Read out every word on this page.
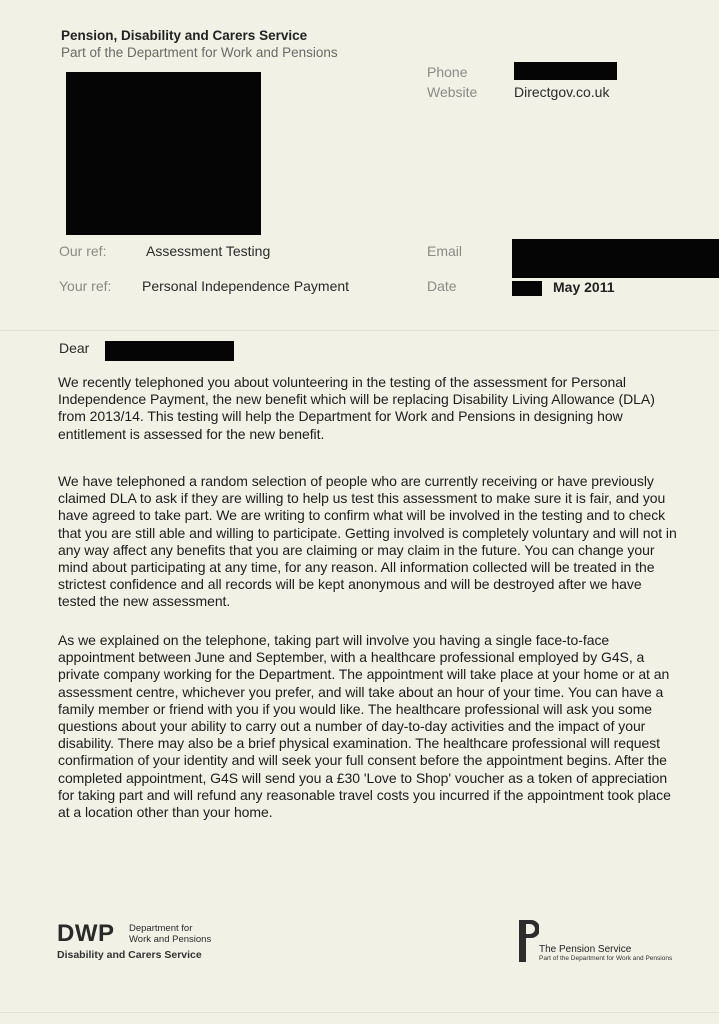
Pension, Disability and Carers Service
Part of the Department for Work and Pensions
Phone
Website	Directgov.co.uk
Our ref:	Assessment Testing	Email
Your ref: Personal Independence Payment	Date	May 2011
Dear

We recently telephoned you about volunteering in the testing of the assessment for Personal Independence Payment, the new benefit which will be replacing Disability Living Allowance (DLA) from 2013/14. This testing will help the Department for Work and Pensions in designing how entitlement is assessed for the new benefit.

We have telephoned a random selection of people who are currently receiving or have previously claimed DLA to ask if they are willing to help us test this assessment to make sure it is fair, and you have agreed to take part. We are writing to confirm what will be involved in the testing and to check that you are still able and willing to participate. Getting involved is completely voluntary and will not in any way affect any benefits that you are claiming or may claim in the future. You can change your mind about participating at any time, for any reason. All information collected will be treated in the strictest confidence and all records will be kept anonymous and will be destroyed after we have tested the new assessment.

As we explained on the telephone, taking part will involve you having a single face-to-face appointment between June and September, with a healthcare professional employed by G4S, a private company working for the Department. The appointment will take place at your home or at an assessment centre, whichever you prefer, and will take about an hour of your time. You can have a family member or friend with you if you would like. The healthcare professional will ask you some questions about your ability to carry out a number of day-to-day activities and the impact of your disability. There may also be a brief physical examination. The healthcare professional will request confirmation of your identity and will seek your full consent before the appointment begins. After the completed appointment, G4S will send you a £30 'Love to Shop' voucher as a token of appreciation for taking part and will refund any reasonable travel costs you incurred if the appointment took place at a location other than your home.

DWP Department for
Work and Pensions
Disability and Carers Service	The Pension Service
Part of the Department for Work and Pensions
